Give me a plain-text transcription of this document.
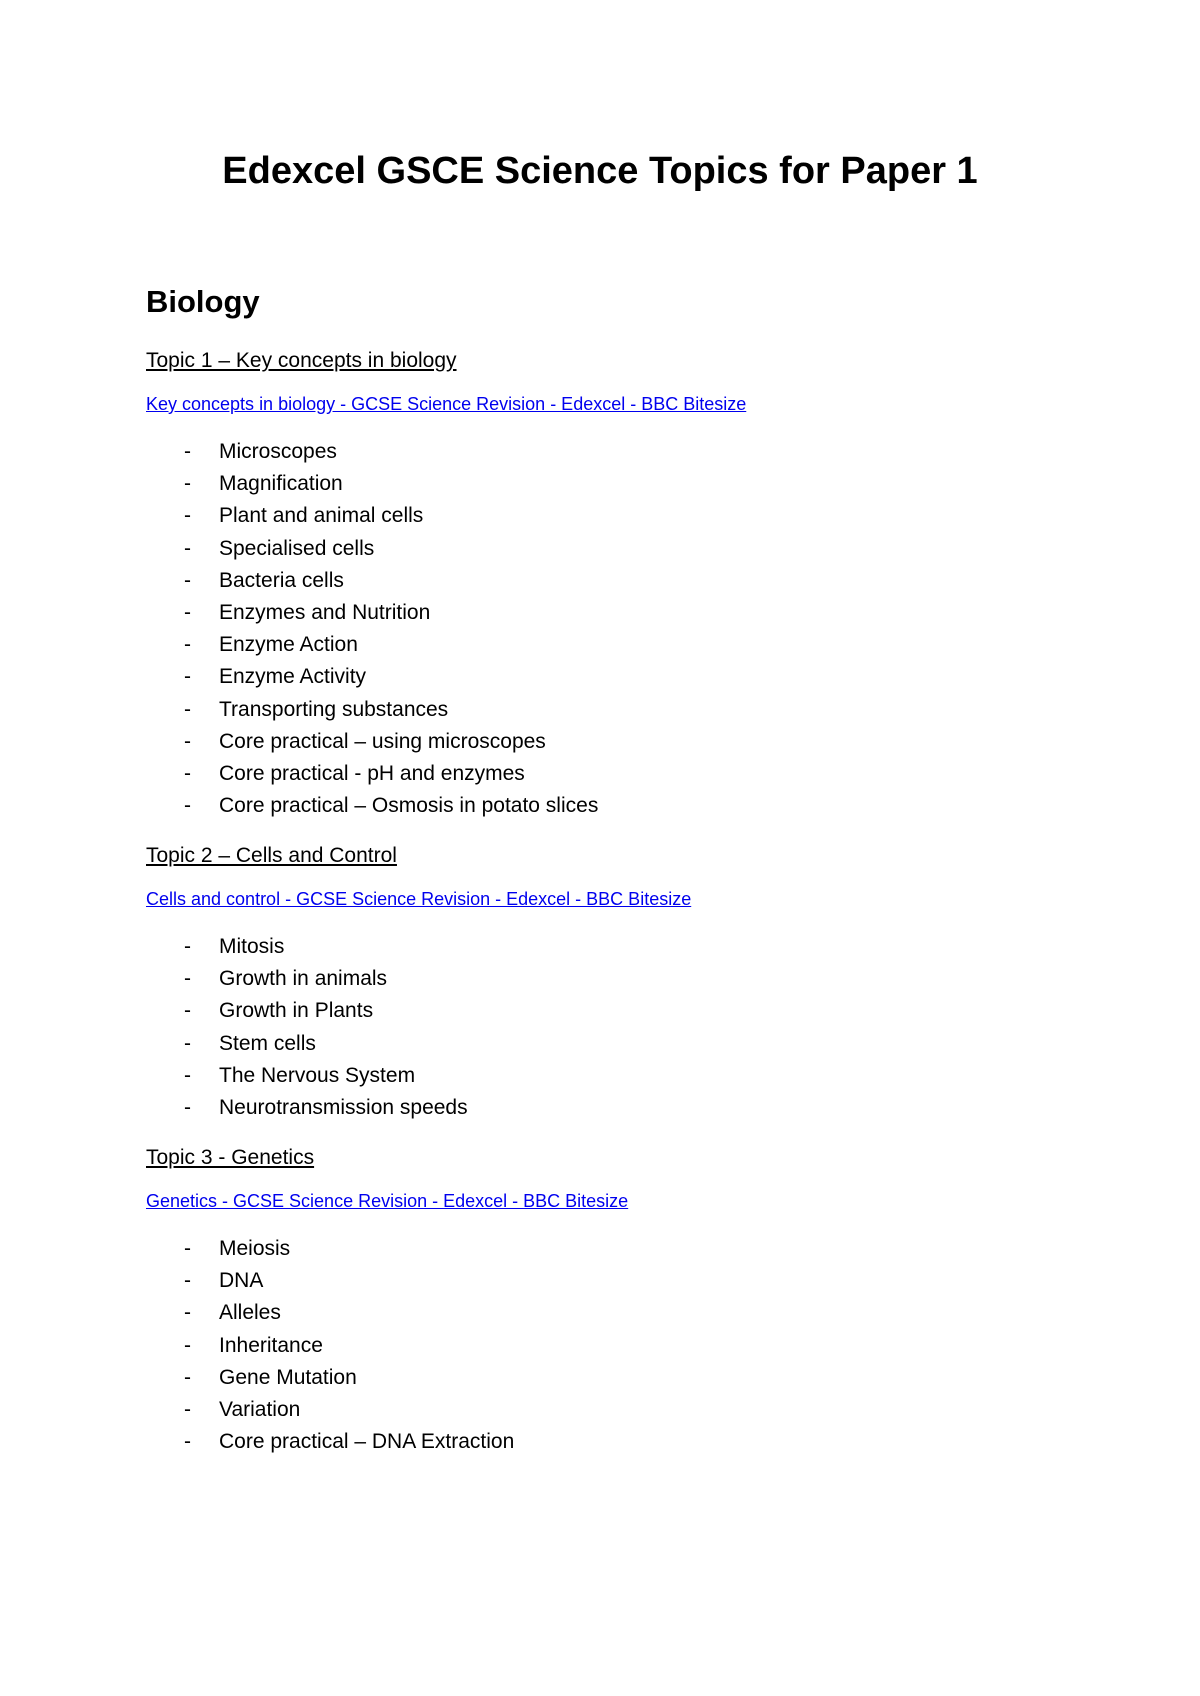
Edexcel GSCE Science Topics for Paper 1
Biology
Topic 1 – Key concepts in biology
Key concepts in biology - GCSE Science Revision - Edexcel - BBC Bitesize
- Microscopes
- Magnification
- Plant and animal cells
- Specialised cells
- Bacteria cells
- Enzymes and Nutrition
- Enzyme Action
- Enzyme Activity
- Transporting substances
- Core practical – using microscopes
- Core practical - pH and enzymes
- Core practical – Osmosis in potato slices
Topic 2 – Cells and Control
Cells and control - GCSE Science Revision - Edexcel - BBC Bitesize
- Mitosis
- Growth in animals
- Growth in Plants
- Stem cells
- The Nervous System
- Neurotransmission speeds
Topic 3 - Genetics
Genetics - GCSE Science Revision - Edexcel - BBC Bitesize
- Meiosis
- DNA
- Alleles
- Inheritance
- Gene Mutation
- Variation
- Core practical – DNA Extraction
